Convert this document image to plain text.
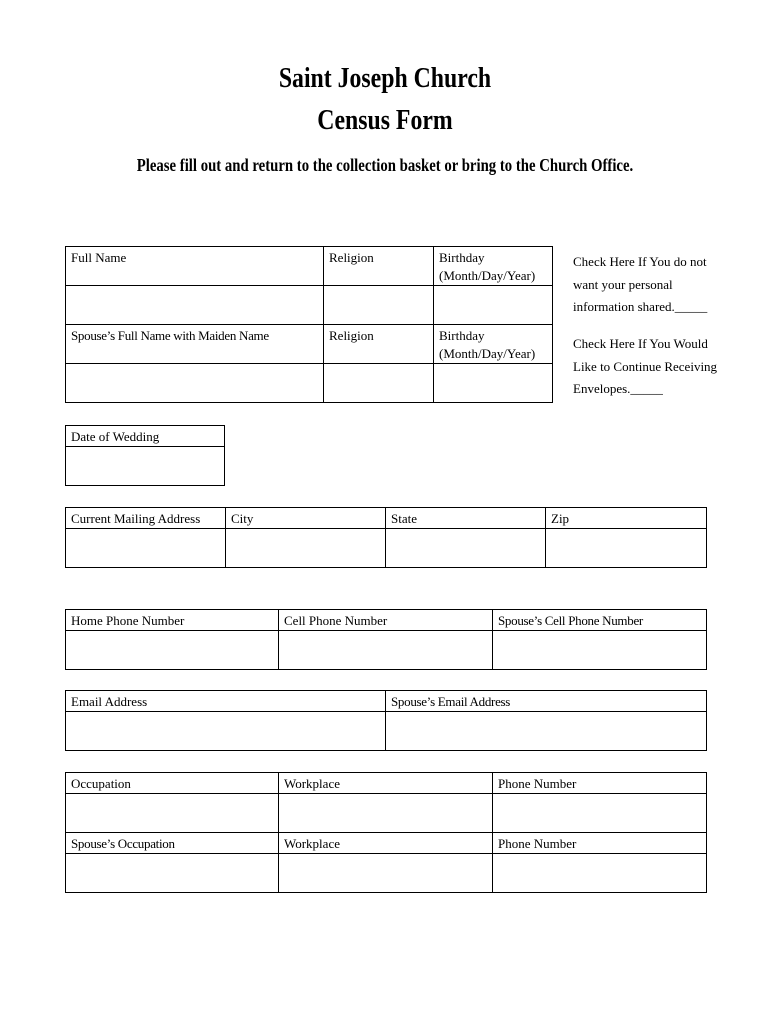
Saint Joseph Church
Census Form
Please fill out and return to the collection basket or bring to the Church Office.
Full Name	Religion	Birthday
(Month/Day/Year)

Spouse’s Full Name with Maiden Name	Religion	Birthday
(Month/Day/Year)

Check Here If You do not
want your personal
information shared._____
Check Here If You Would
Like to Continue Receiving
Envelopes._____
Date of Wedding

Current Mailing Address	City	State	Zip

Home Phone Number	Cell Phone Number	Spouse’s Cell Phone Number

Email Address	Spouse’s Email Address

Occupation	Workplace	Phone Number

Spouse’s Occupation	Workplace	Phone Number
